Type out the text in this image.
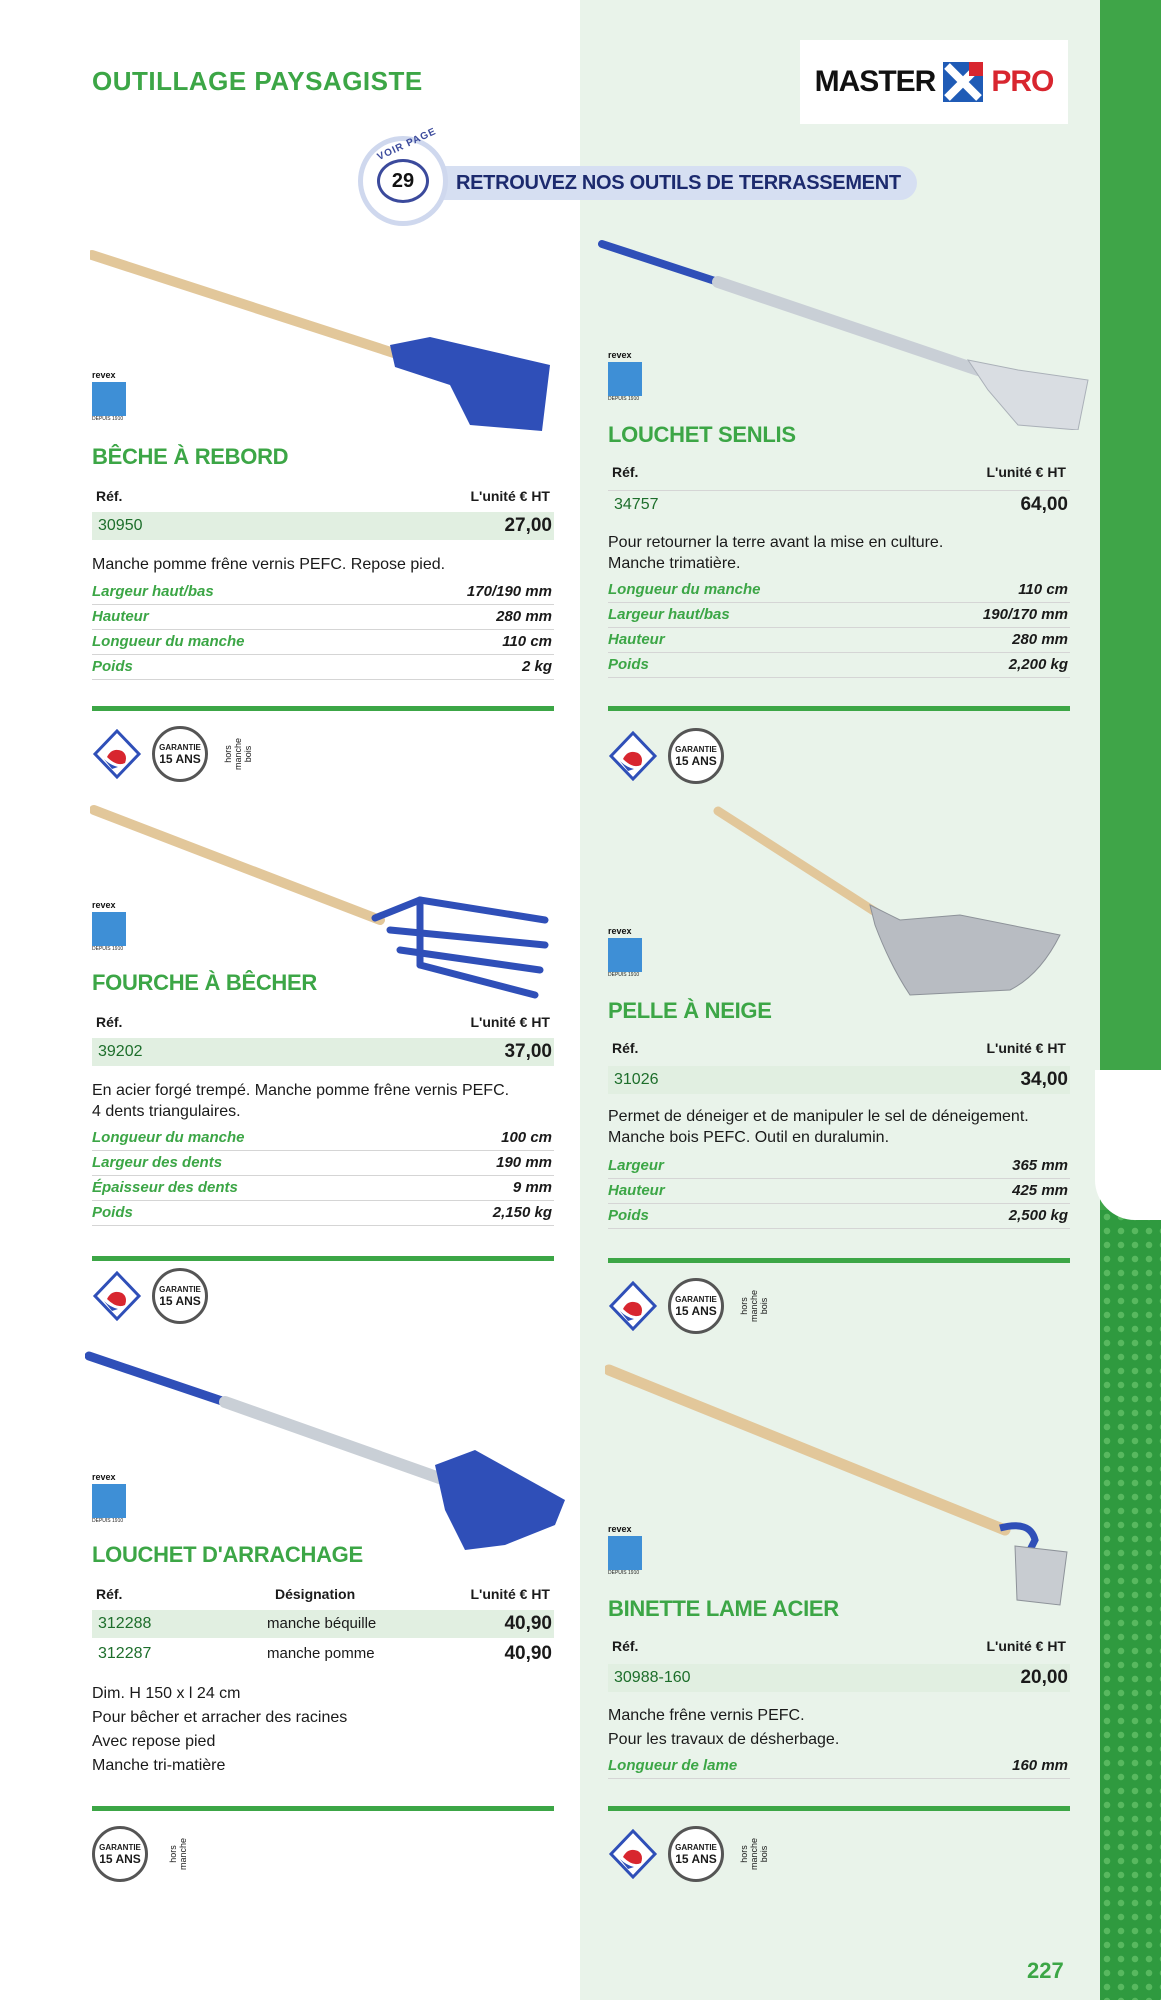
OUTILLAGE PAYSAGISTE	MASTER PRO
RETROUVEZ NOS OUTILS DE TERRASSEMENT
VOIR PAGE
29
revex
DEPUIS 1910
BÊCHE À REBORD
Réf.	L'unité € HT
30950	27,00
Manche pomme frêne vernis PEFC. Repose pied.
Largeur haut/bas	170/190 mm
Hauteur	280 mm
Longueur du manche	110 cm
Poids	2 kg
GARANTIE
15 ANS hors manche bois
revex
DEPUIS 1910
LOUCHET SENLIS
Réf.	L'unité € HT
34757	64,00
Pour retourner la terre avant la mise en culture.
Manche trimatière.
Longueur du manche	110 cm
Largeur haut/bas	190/170 mm
Hauteur	280 mm
Poids	2,200 kg
GARANTIE
15 ANS
revex
DEPUIS 1910
FOURCHE À BÊCHER
Réf.	L'unité € HT
39202	37,00
En acier forgé trempé. Manche pomme frêne vernis PEFC.
4 dents triangulaires.
Longueur du manche	100 cm
Largeur des dents	190 mm
Épaisseur des dents	9 mm
Poids	2,150 kg
GARANTIE
15 ANS
revex
DEPUIS 1910
PELLE À NEIGE
Réf.	L'unité € HT
31026	34,00
Permet de déneiger et de manipuler le sel de déneigement.
Manche bois PEFC. Outil en duralumin.
Largeur	365 mm
Hauteur	425 mm
Poids	2,500 kg
GARANTIE
15 ANS hors manche bois
revex
DEPUIS 1910
LOUCHET D'ARRACHAGE
Réf.	Désignation	L'unité € HT
312288	manche béquille	40,90
312287	manche pomme	40,90
Dim. H 150 x l 24 cm
Pour bêcher et arracher des racines
Avec repose pied
Manche tri-matière
GARANTIE
15 ANS	hors manche
revex
DEPUIS 1910
BINETTE LAME ACIER
Réf.	L'unité € HT
30988-160	20,00
Manche frêne vernis PEFC.
Pour les travaux de désherbage.
Longueur de lame	160 mm
GARANTIE
15 ANS hors manche bois
227
